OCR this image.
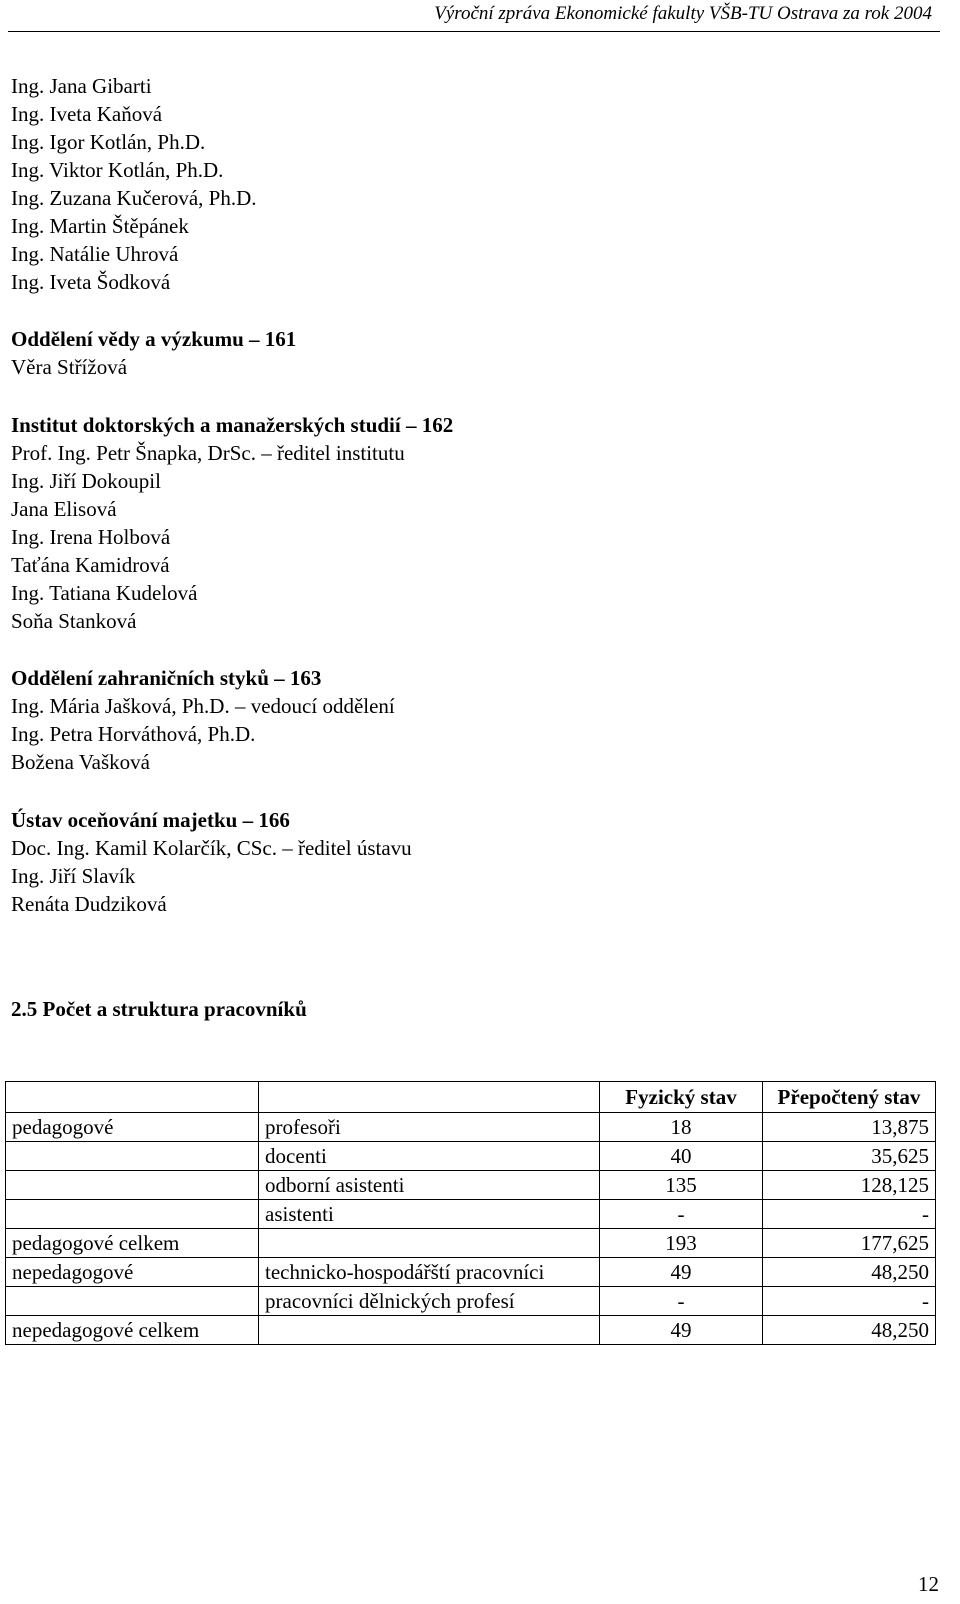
Výroční zpráva Ekonomické fakulty VŠB-TU Ostrava za rok 2004
Ing. Jana Gibarti
Ing. Iveta Kaňová
Ing. Igor Kotlán, Ph.D.
Ing. Viktor Kotlán, Ph.D.
Ing. Zuzana Kučerová, Ph.D.
Ing. Martin Štěpánek
Ing. Natálie Uhrová
Ing. Iveta Šodková
Oddělení vědy a výzkumu – 161
Věra Střížová
Institut doktorských a manažerských studií – 162
Prof. Ing. Petr Šnapka, DrSc. – ředitel institutu
Ing. Jiří Dokoupil
Jana Elisová
Ing. Irena Holbová
Taťána Kamidrová
Ing. Tatiana Kudelová
Soňa Stanková
Oddělení zahraničních styků – 163
Ing. Mária Jašková, Ph.D. – vedoucí oddělení
Ing. Petra Horváthová, Ph.D.
Božena Vašková
Ústav oceňování majetku – 166
Doc. Ing. Kamil Kolarčík, CSc. – ředitel ústavu
Ing. Jiří Slavík
Renáta Dudziková
2.5 Počet a struktura pracovníků
		Fyzický stav	Přepočtený stav
pedagogové	profesoři	18	13,875
	docenti	40	35,625
	odborní asistenti	135	128,125
	asistenti	-	-
pedagogové celkem		193	177,625
nepedagogové	technicko-hospodářští pracovníci	49	48,250
	pracovníci dělnických profesí	-	-
nepedagogové celkem		49	48,250
12
